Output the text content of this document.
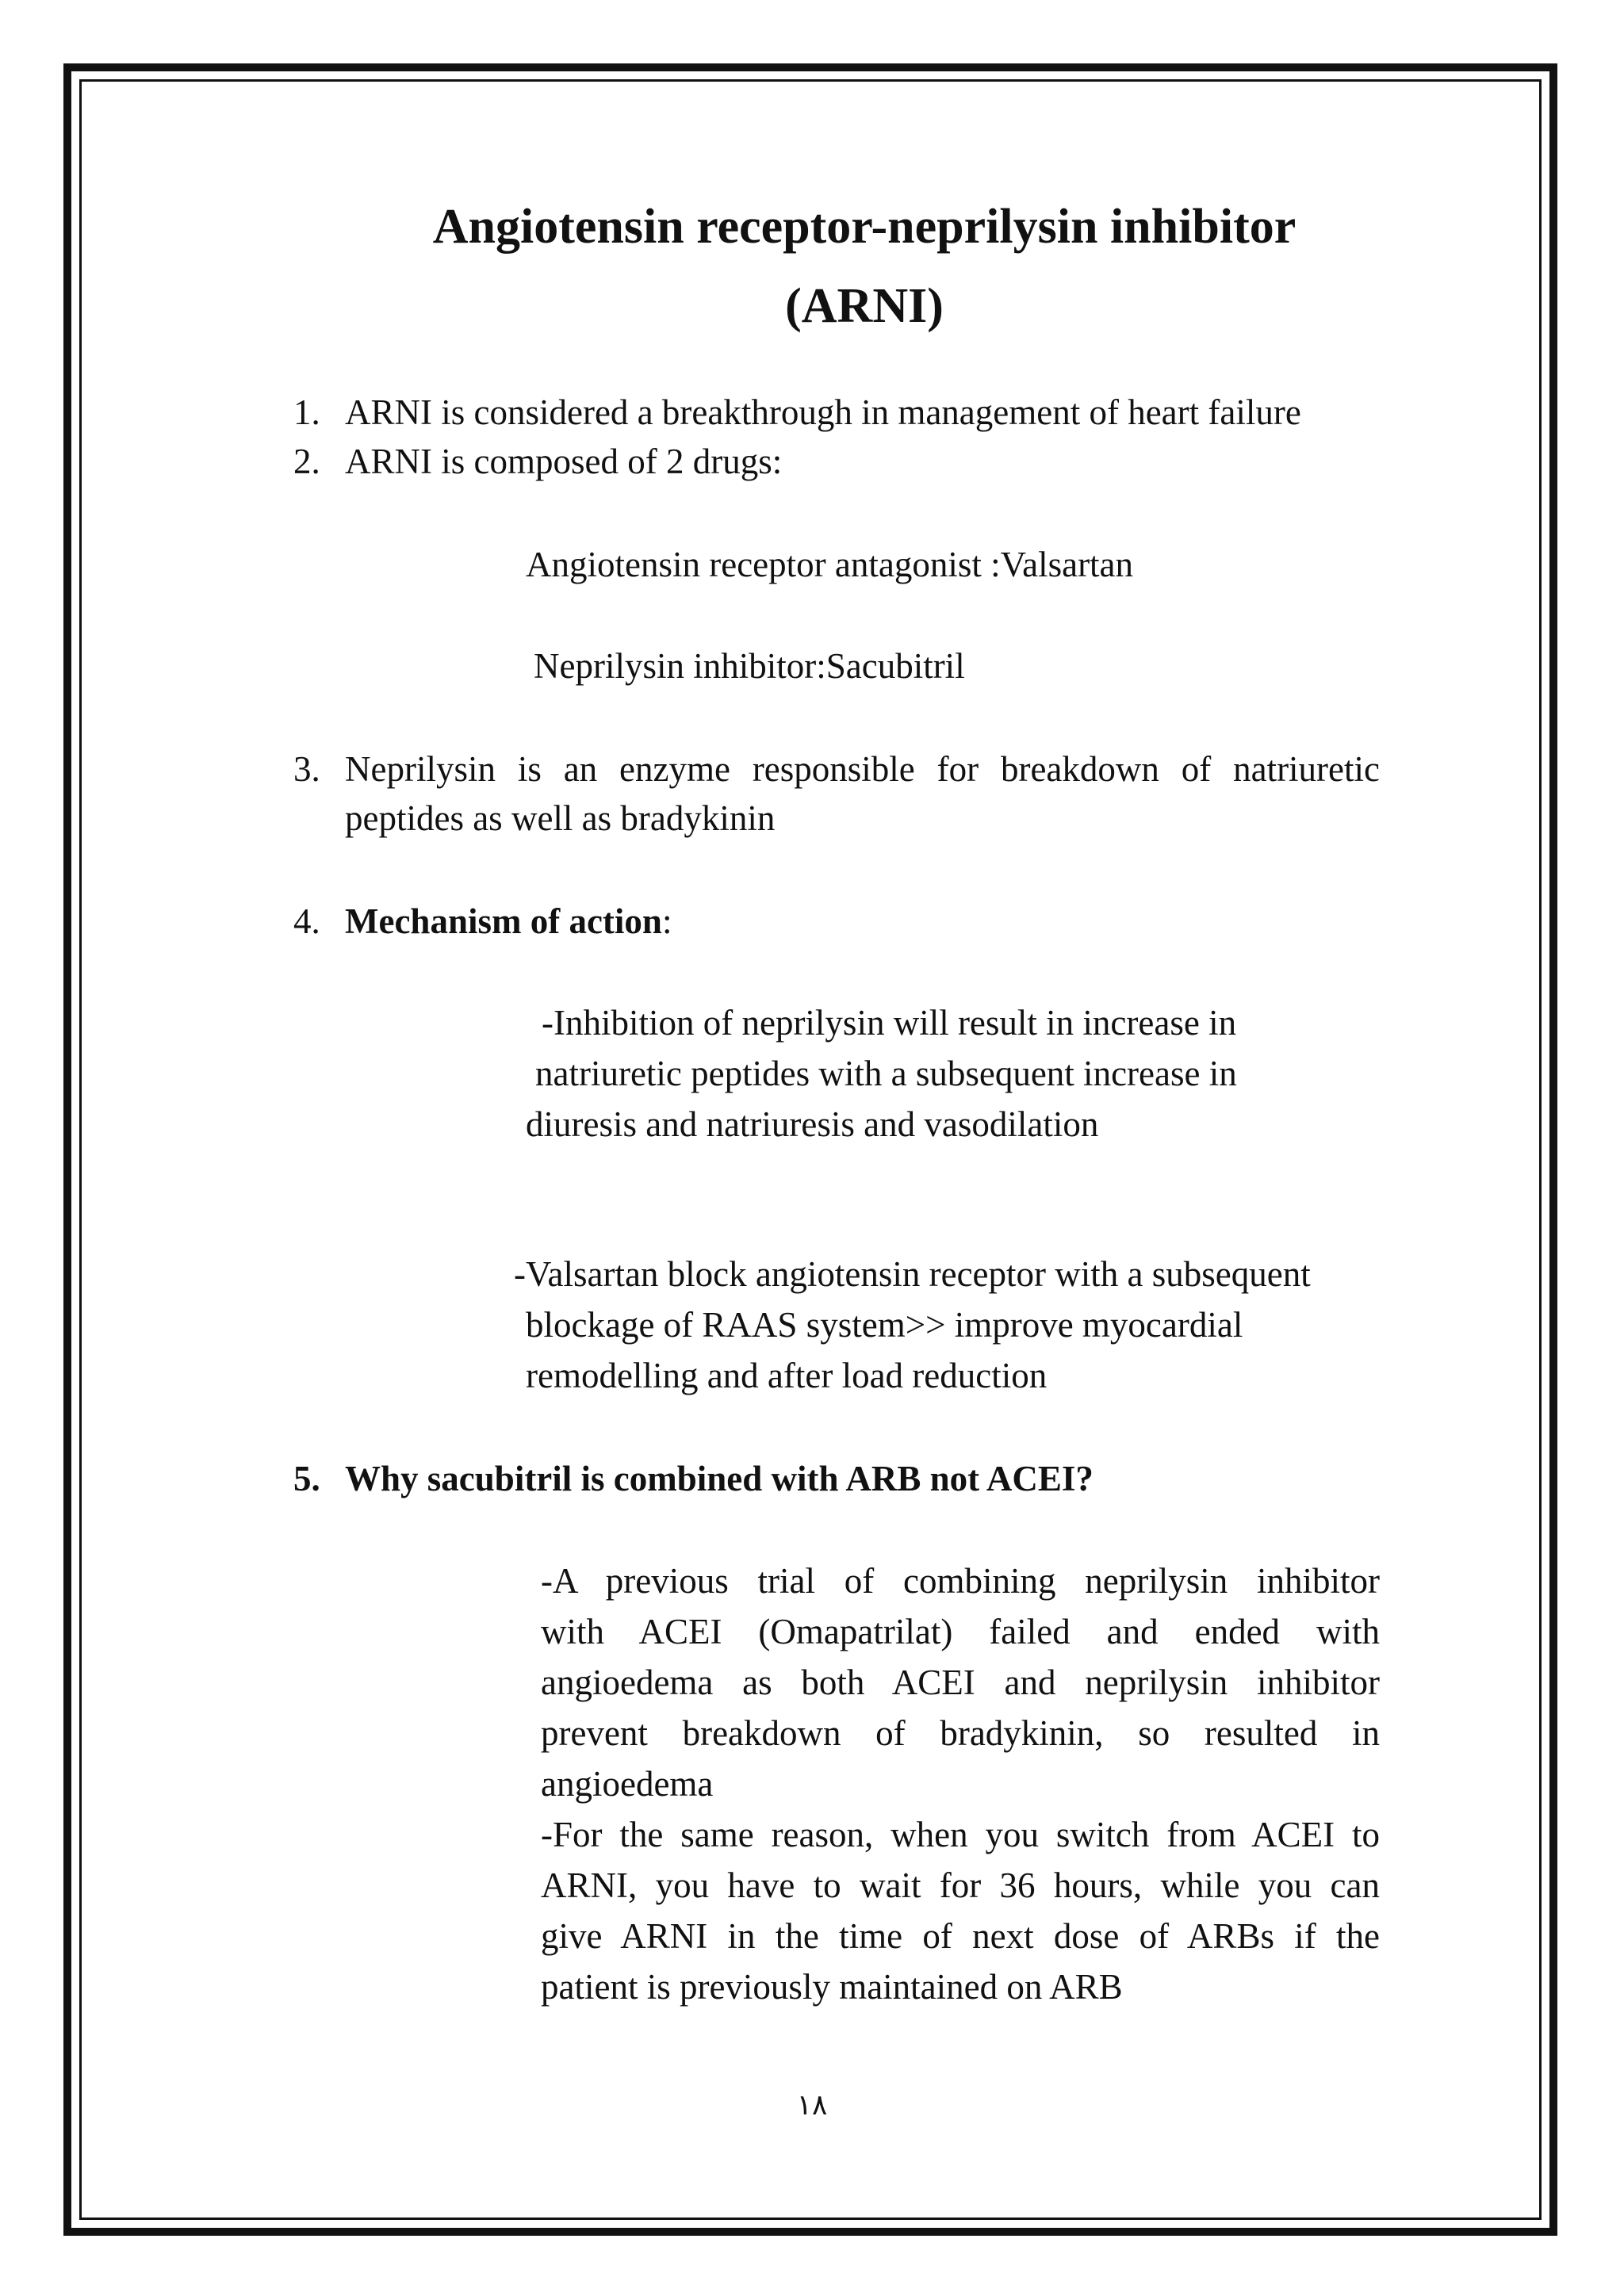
Angiotensin receptor-neprilysin inhibitor
(ARNI)
1. ARNI is considered a breakthrough in management of heart failure
2. ARNI is composed of 2 drugs:
Angiotensin receptor antagonist :Valsartan
Neprilysin inhibitor:Sacubitril
3. Neprilysin is an enzyme responsible for breakdown of natriuretic
peptides as well as bradykinin
4. Mechanism of action:
-Inhibition of neprilysin will result in increase in
natriuretic peptides with a subsequent increase in
diuresis and natriuresis and vasodilation
-Valsartan block angiotensin receptor with a subsequent
blockage of RAAS system>> improve myocardial
remodelling and after load reduction
5. Why sacubitril is combined with ARB not ACEI?
-A previous trial of combining neprilysin inhibitor
with ACEI (Omapatrilat) failed and ended with
angioedema as both ACEI and neprilysin inhibitor
prevent breakdown of bradykinin, so resulted in
angioedema
-For the same reason, when you switch from ACEI to
ARNI, you have to wait for 36 hours, while you can
give ARNI in the time of next dose of ARBs if the
patient is previously maintained on ARB
١٨
